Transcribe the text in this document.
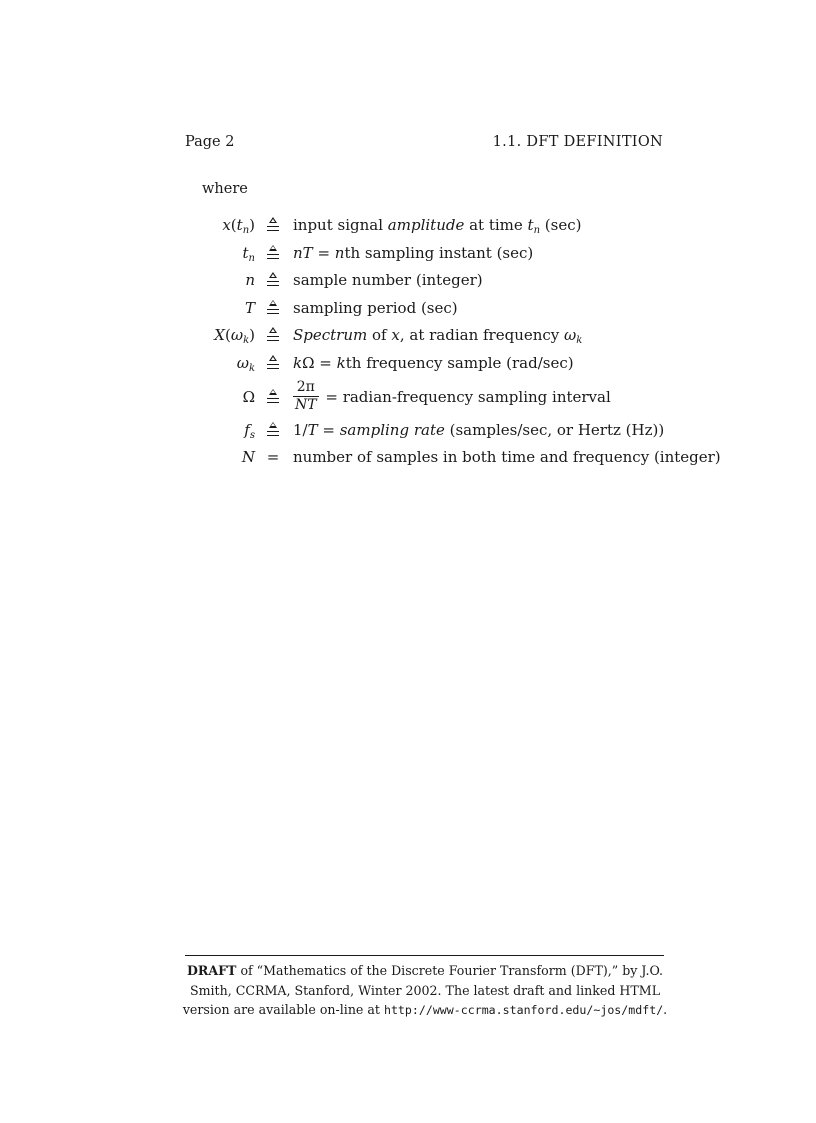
Page 2	1.1. DFT DEFINITION
where
$x(t_n)$	input signal amplitude at time $t_n$ (sec)
$t_n$	nT = nth sampling instant (sec)
n	sample number (integer)
T	sampling period (sec)
$X(\omega_k)$	Spectrum of x, at radian frequency $\omega_k$
$\omega_k$	kΩ = kth frequency sample (rad/sec)
Ω	$\frac{2\pi}{NT}$ = radian-frequency sampling interval
$f_s$	1/T = sampling rate (samples/sec, or Hertz (Hz))
N = number of samples in both time and frequency (integer)
DRAFT of “Mathematics of the Discrete Fourier Transform (DFT),” by J.O. Smith, CCRMA, Stanford, Winter 2002. The latest draft and linked HTML version are available on-line at http://www-ccrma.stanford.edu/~jos/mdft/.
